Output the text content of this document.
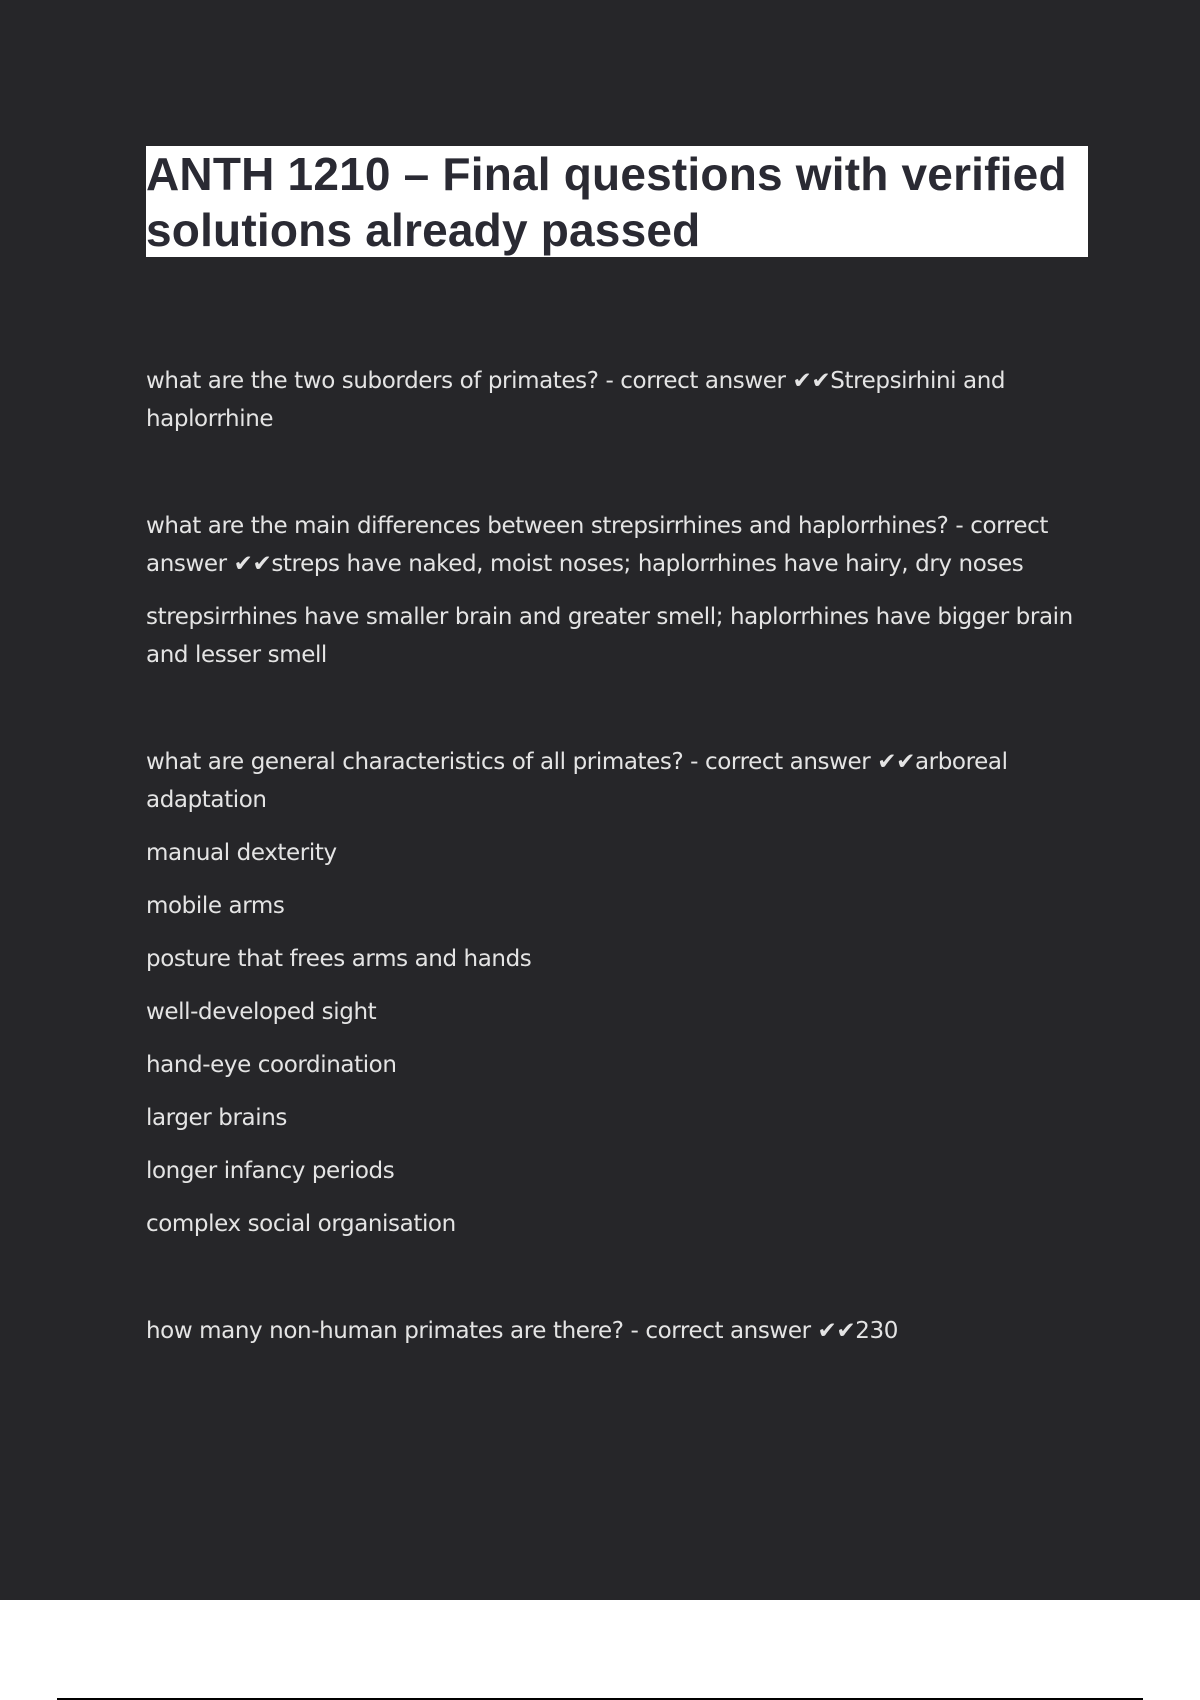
ANTH 1210 – Final questions with verified solutions already passed

what are the two suborders of primates? - correct answer ✔✔Strepsirhini and haplorrhine

what are the main differences between strepsirrhines and haplorrhines? - correct answer ✔✔streps have naked, moist noses; haplorrhines have hairy, dry noses

strepsirrhines have smaller brain and greater smell; haplorrhines have bigger brain and lesser smell

what are general characteristics of all primates? - correct answer ✔✔arboreal adaptation

manual dexterity

mobile arms

posture that frees arms and hands

well-developed sight

hand-eye coordination

larger brains

longer infancy periods

complex social organisation

how many non-human primates are there? - correct answer ✔✔230
